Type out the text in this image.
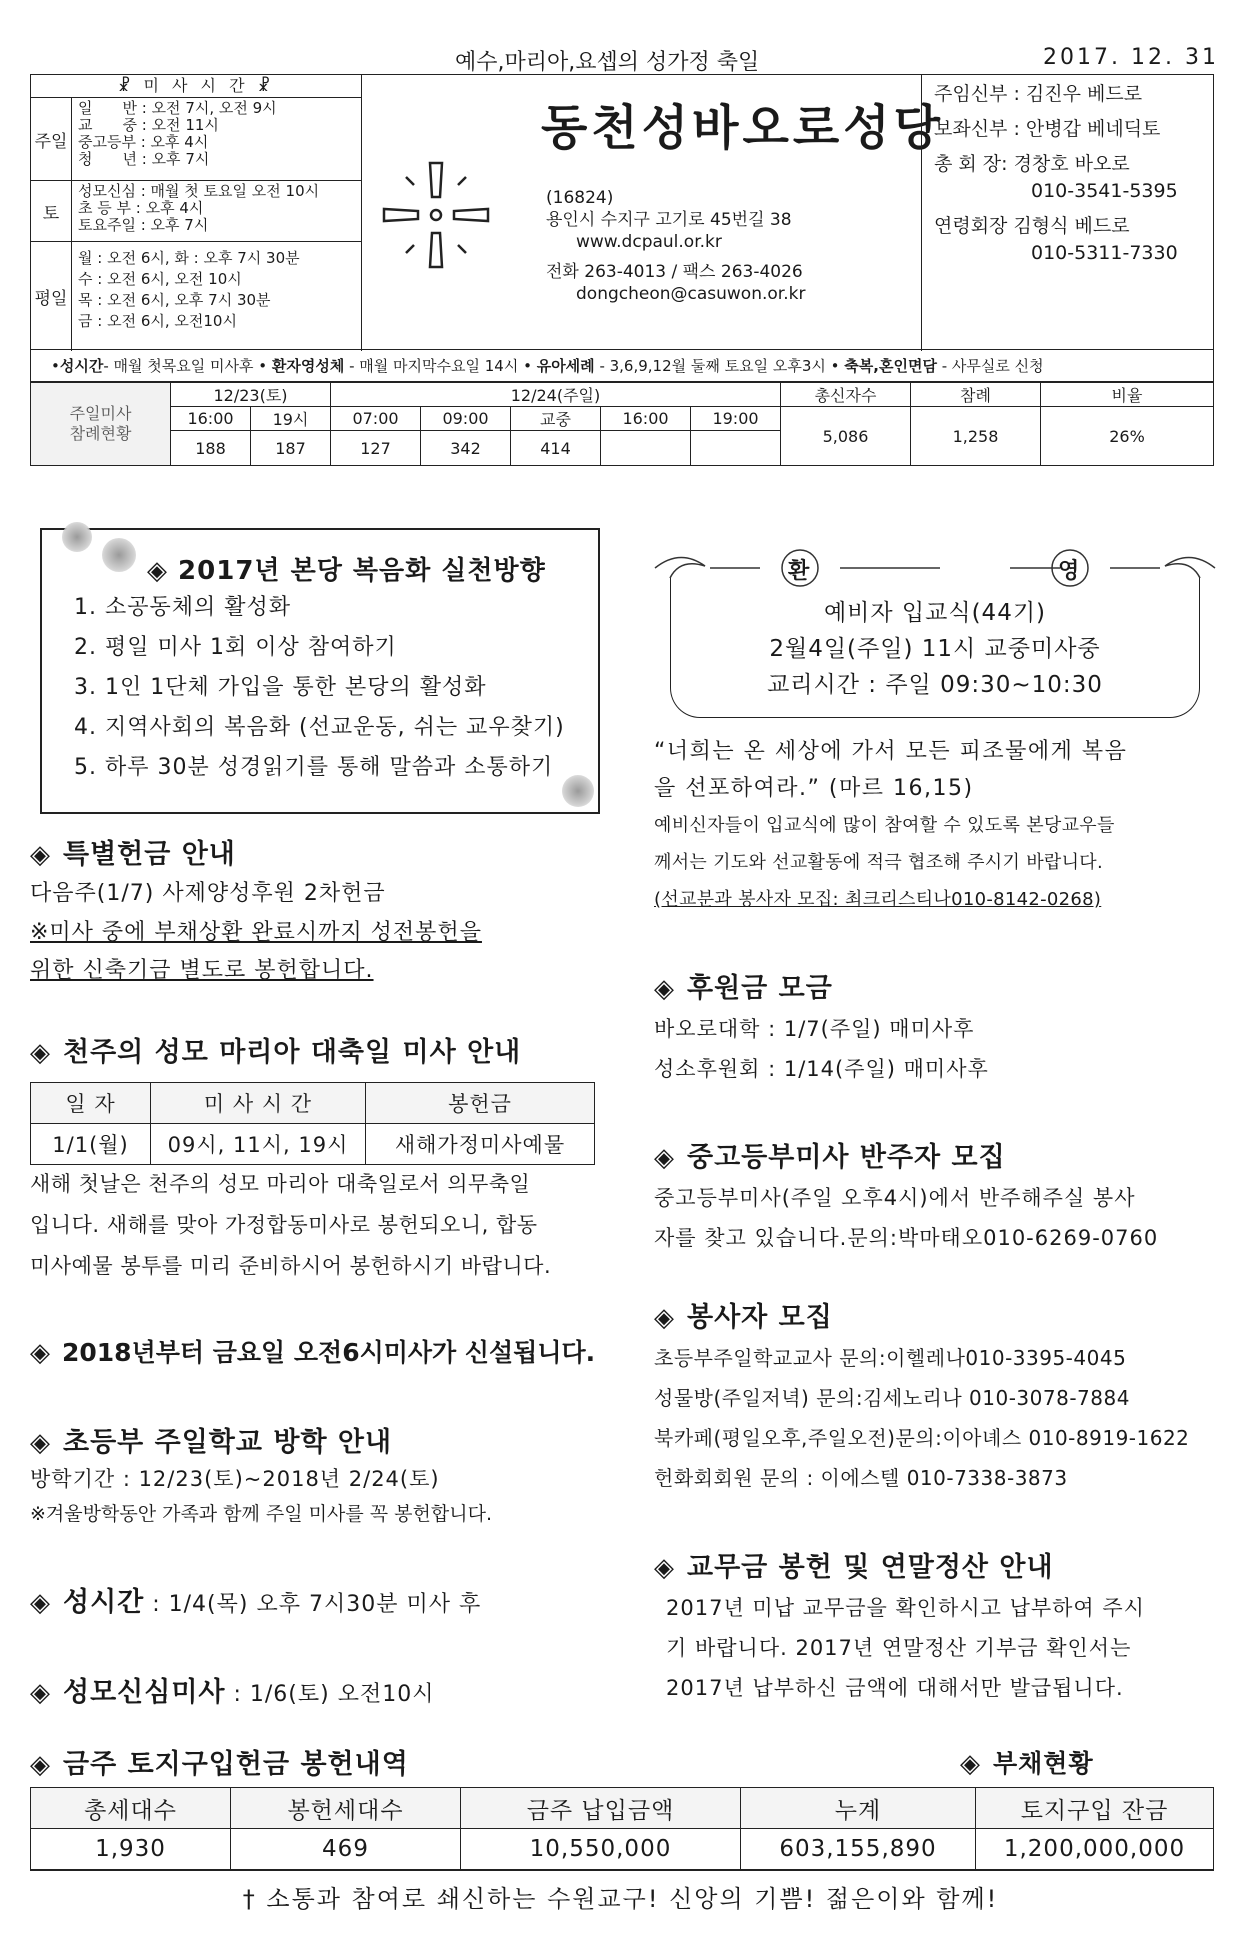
예수,마리아,요셉의 성가정 축일	2017. 12. 31
☧ 미 사 시 간 ☧
주일
일　　반 : 오전 7시, 오전 9시
교　　중 : 오전 11시
중고등부 : 오후 4시
청　　년 : 오후 7시
토
성모신심 : 매월 첫 토요일 오전 10시
초 등 부 : 오후 4시
토요주일 : 오후 7시
평일
월 : 오전 6시, 화 : 오후 7시 30분
수 : 오전 6시, 오전 10시
목 : 오전 6시, 오후 7시 30분
금 : 오전 6시, 오전10시
동천성바오로성당
(16824)
용인시 수지구 고기로 45번길 38
www.dcpaul.or.kr
전화 263-4013 / 팩스 263-4026
dongcheon@casuwon.or.kr
주임신부 : 김진우 베드로
보좌신부 : 안병갑 베네딕토
총 회 장: 경창호 바오로
010-3541-5395
연령회장 김형식 베드로
010-5311-7330
•성시간- 매월 첫목요일 미사후 • 환자영성체 - 매월 마지막수요일 14시 • 유아세례 - 3,6,9,12월 둘째 토요일 오후3시 • 축복,혼인면담 - 사무실로 신청
주일미사
참례현황	12/23(토)		12/24(주일)					총신자수	참례	비율
	16:00	19시	07:00	09:00	교중	16:00	19:00	5,086	1,258	26%
	188	187	127	342	414					
◈ 2017년 본당 복음화 실천방향
1. 소공동체의 활성화
2. 평일 미사 1회 이상 참여하기
3. 1인 1단체 가입을 통한 본당의 활성화
4. 지역사회의 복음화 (선교운동, 쉬는 교우찾기)
5. 하루 30분 성경읽기를 통해 말씀과 소통하기
◈ 특별헌금 안내
다음주(1/7) 사제양성후원 2차헌금
※미사 중에 부채상환 완료시까지 성전봉헌을
위한 신축기금 별도로 봉헌합니다.
◈ 천주의 성모 마리아 대축일 미사 안내
일 자	미 사 시 간	봉헌금
1/1(월)	09시, 11시, 19시	새해가정미사예물
새해 첫날은 천주의 성모 마리아 대축일로서 의무축일
입니다. 새해를 맞아 가정합동미사로 봉헌되오니, 합동
미사예물 봉투를 미리 준비하시어 봉헌하시기 바랍니다.
◈ 2018년부터 금요일 오전6시미사가 신설됩니다.
◈ 초등부 주일학교 방학 안내
방학기간 : 12/23(토)~2018년 2/24(토)
※겨울방학동안 가족과 함께 주일 미사를 꼭 봉헌합니다.
◈ 성시간 : 1/4(목) 오후 7시30분 미사 후
◈ 성모신심미사 : 1/6(토) 오전10시
환	영
예비자 입교식(44기)
2월4일(주일) 11시 교중미사중
교리시간 : 주일 09:30~10:30
“너희는 온 세상에 가서 모든 피조물에게 복음
을 선포하여라.” (마르 16,15)
예비신자들이 입교식에 많이 참여할 수 있도록 본당교우들
께서는 기도와 선교활동에 적극 협조해 주시기 바랍니다.
(선교분과 봉사자 모집: 최크리스티나010-8142-0268)
◈ 후원금 모금
바오로대학 : 1/7(주일) 매미사후
성소후원회 : 1/14(주일) 매미사후
◈ 중고등부미사 반주자 모집
중고등부미사(주일 오후4시)에서 반주해주실 봉사
자를 찾고 있습니다.문의:박마태오010-6269-0760
◈ 봉사자 모집
초등부주일학교교사 문의:이헬레나010-3395-4045
성물방(주일저녁) 문의:김세노리나 010-3078-7884
북카페(평일오후,주일오전)문의:이아녜스 010-8919-1622
헌화회회원 문의 : 이에스텔 010-7338-3873
◈ 교무금 봉헌 및 연말정산 안내
2017년 미납 교무금을 확인하시고 납부하여 주시
기 바랍니다. 2017년 연말정산 기부금 확인서는
2017년 납부하신 금액에 대해서만 발급됩니다.
◈ 금주 토지구입헌금 봉헌내역	◈ 부채현황
총세대수	봉헌세대수	금주 납입금액	누계	토지구입 잔금
1,930	469	10,550,000	603,155,890	1,200,000,000
† 소통과 참여로 쇄신하는 수원교구! 신앙의 기쁨! 젊은이와 함께!
